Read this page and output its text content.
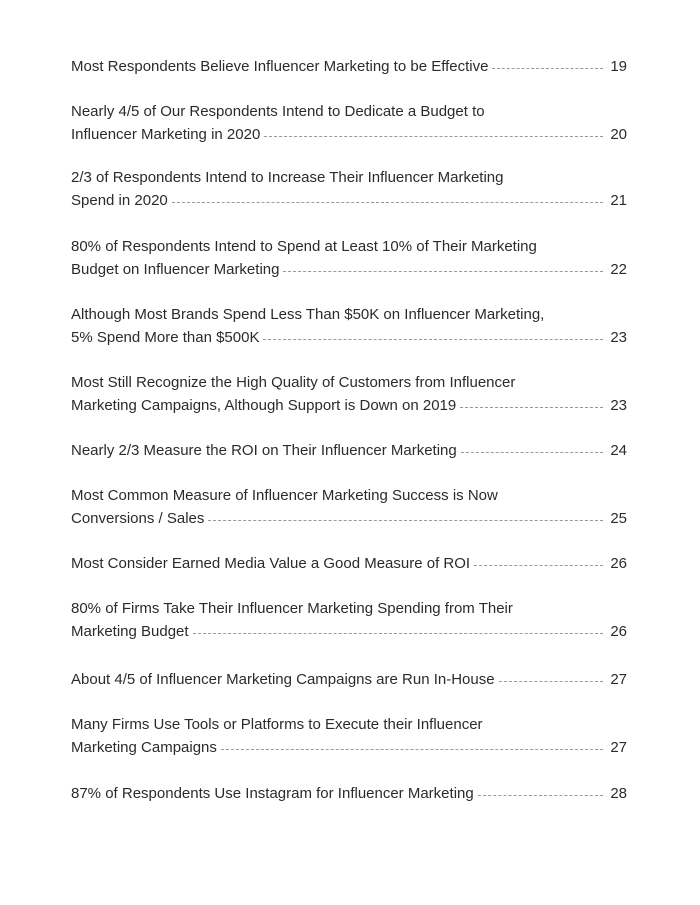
Most Respondents Believe Influencer Marketing to be Effective	19
Nearly 4/5 of Our Respondents Intend to Dedicate a Budget to
Influencer Marketing in 2020	20
2/3 of Respondents Intend to Increase Their Influencer Marketing
Spend in 2020	21
80% of Respondents Intend to Spend at Least 10% of Their Marketing
Budget on Influencer Marketing	22
Although Most Brands Spend Less Than $50K on Influencer Marketing,
5% Spend More than $500K	23
Most Still Recognize the High Quality of Customers from Influencer
Marketing Campaigns, Although Support is Down on 2019	23
Nearly 2/3 Measure the ROI on Their Influencer Marketing	24
Most Common Measure of Influencer Marketing Success is Now
Conversions / Sales	25
Most Consider Earned Media Value a Good Measure of ROI	26
80% of Firms Take Their Influencer Marketing Spending from Their
Marketing Budget	26
About 4/5 of Influencer Marketing Campaigns are Run In-House	27
Many Firms Use Tools or Platforms to Execute their Influencer
Marketing Campaigns	27
87% of Respondents Use Instagram for Influencer Marketing	28
